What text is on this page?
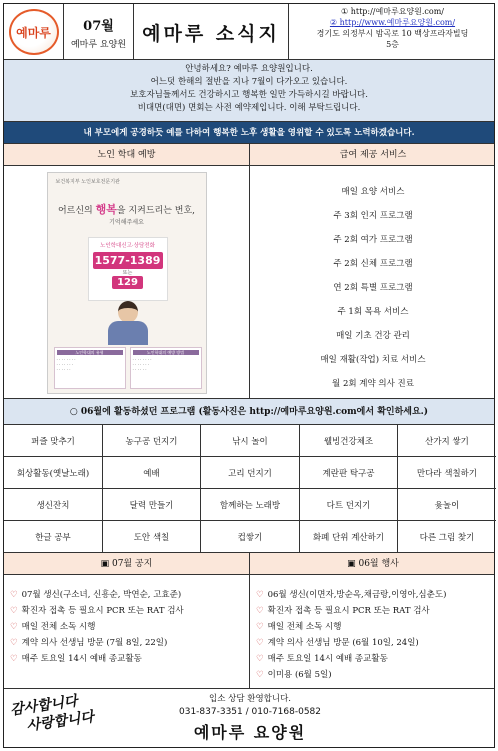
예마루	07월
예마루 요양원
예마루 소식지
① http://예마루요양원.com/
② http://www.예마루요양원.com/
경기도 의정부시 밤곡로 10 백상프라자빌딩
5층
안녕하세요? 예마루 요양원입니다.
어느덧 한해의 절반을 지나 7월이 다가오고 있습니다.
보호자님들께서도 건강하시고 행복한 일만 가득하시길 바랍니다.
비대면(대면) 면회는 사전 예약제입니다. 이해 부탁드립니다.
내 부모에게 공경하듯 예를 다하여 행복한 노후 생활을 영위할 수 있도록 노력하겠습니다.
노인 학대 예방	급여 제공 서비스
보건복지부 노인보호전문기관
어르신의 행복을 지켜드리는 번호,
기억해주세요
노인학대신고·상담전화
1577-1389
또는
129
노인학대의 유형
· · · · · · · ·
· · · · · · ·
· · · · · ·
노인학대의 예방 방법
· · · · · · · ·
· · · · · · ·
· · · · · ·
매일 요양 서비스
주 3회 인지 프로그램
주 2회 여가 프로그램
주 2회 신체 프로그램
연 2회 특별 프로그램
주 1회 목욕 서비스
매일 기초 건강 관리
매일 재활(작업) 치료 서비스
월 2회 계약 의사 진료
○ 06월에 활동하셨던 프로그램 (활동사진은 http://예마루요양원.com에서 확인하세요.)
퍼즐 맞추기	농구공 던지기	낚시 놀이	웰빙건강체조	산가지 쌓기
회상활동(옛날노래)	예배	고리 던지기	계란판 탁구공	만다라 색칠하기
생신잔치	달력 만들기	함께하는 노래방	다트 던지기	윷놀이
한글 공부	도안 색칠	컵쌓기	화폐 단위 계산하기	다른 그림 찾기
▣ 07월 공지	▣ 06월 행사
♡ 07월 생신(구소녀, 신흥순, 박연순, 고효준)
♡ 확진자 접촉 등 필요시 PCR 또는 RAT 검사
♡ 매일 전체 소독 시행
♡ 계약 의사 선생님 방문 (7월 8일, 22일)
♡ 매주 토요일 14시 예배 종교활동
♡ 06월 생신(이면자,방순옥,채금랑,이영아,심춘도)
♡ 확진자 접촉 등 필요시 PCR 또는 RAT 검사
♡ 매일 전체 소독 시행
♡ 계약 의사 선생님 방문 (6월 10일, 24일)
♡ 매주 토요일 14시 예배 종교활동
♡ 이미용 (6월 5일)
감사합니다
사랑합니다
입소 상담 환영합니다.
031-837-3351 / 010-7168-0582
예마루 요양원
